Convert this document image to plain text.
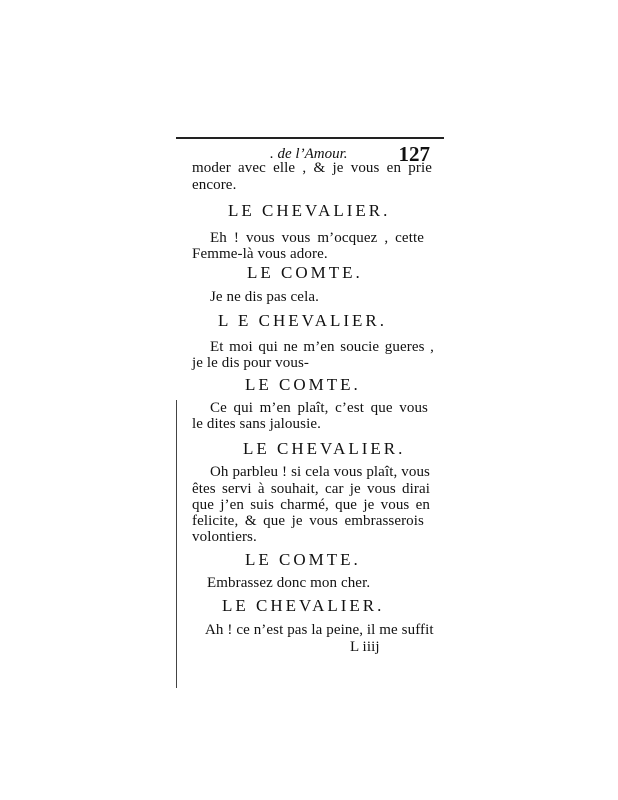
. de l’Amour. 127
moder avec elle , & je vous en prie
encore.
LE CHEVALIER.
Eh ! vous vous m’ocquez , cette
Femme-là vous adore.
LE COMTE.
Je ne dis pas cela.
L E CHEVALIER.
Et moi qui ne m’en soucie gueres ,
je le dis pour vous-
LE COMTE.
Ce qui m’en plaît, c’est que vous
le dites sans jalousie.
LE CHEVALIER.
Oh parbleu ! si cela vous plaît, vous
êtes servi à souhait, car je vous dirai
que j’en suis charmé, que je vous en
felicite, & que je vous embrasserois
volontiers.
LE COMTE.
Embrassez donc mon cher.
LE CHEVALIER.
Ah ! ce n’est pas la peine, il me suffit
L iiij
